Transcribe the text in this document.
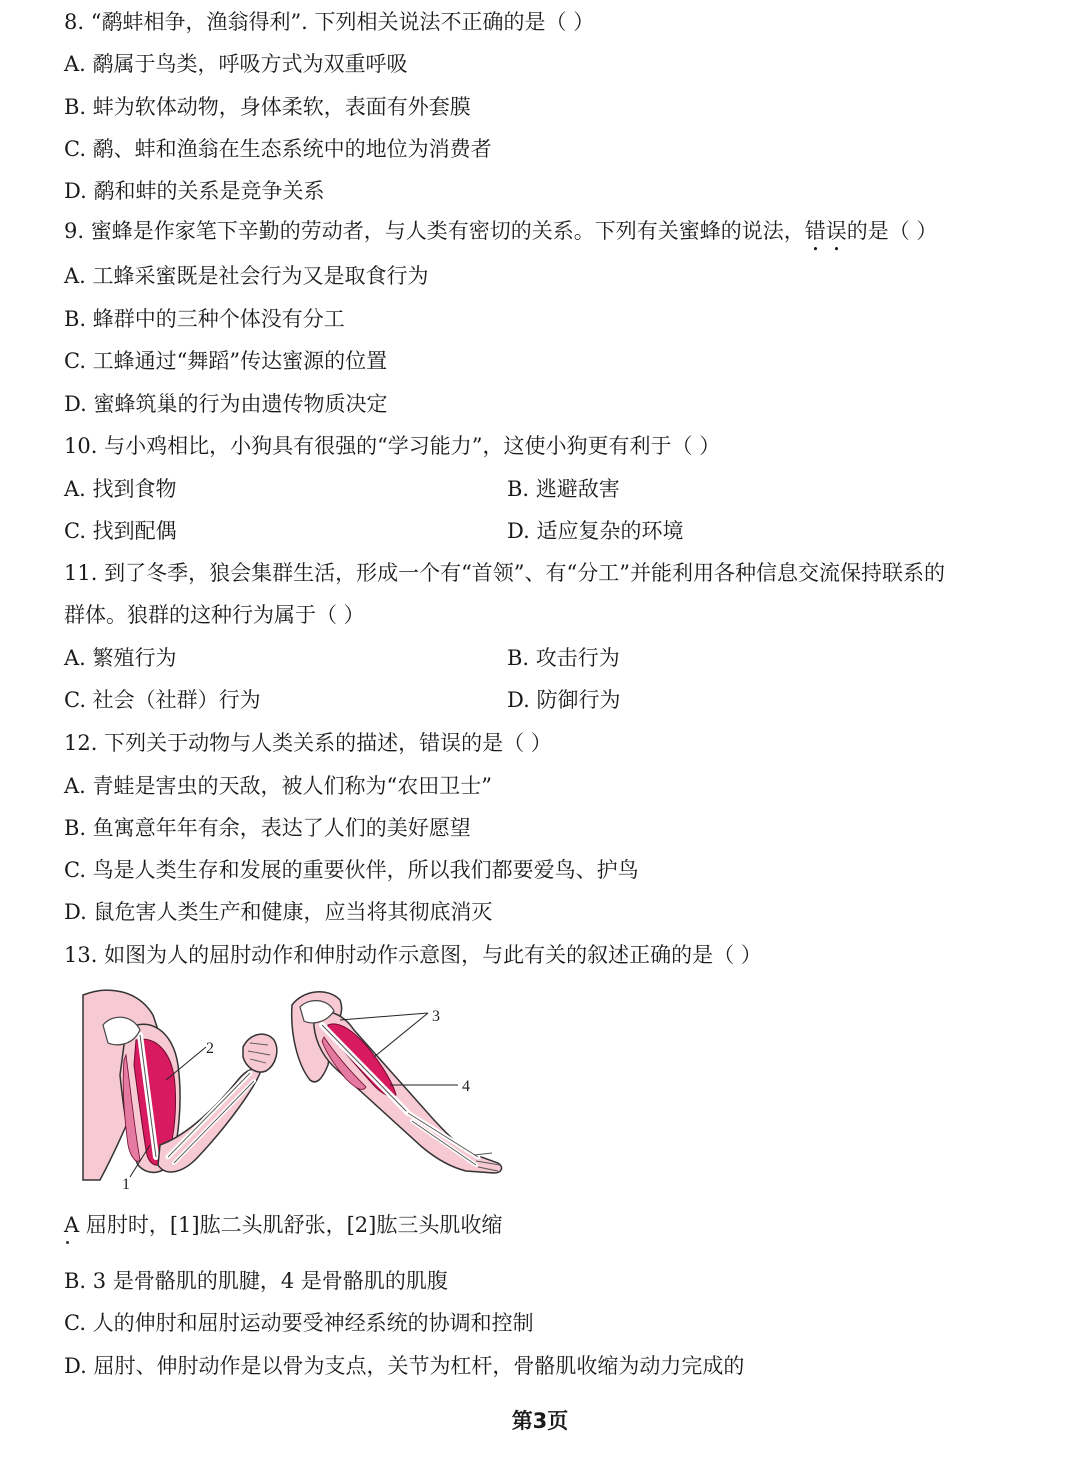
8. “鹬蚌相争，渔翁得利”. 下列相关说法不正确的是（ ）
A. 鹬属于鸟类，呼吸方式为双重呼吸
B. 蚌为软体动物，身体柔软，表面有外套膜
C. 鹬、蚌和渔翁在生态系统中的地位为消费者
D. 鹬和蚌的关系是竞争关系
9. 蜜蜂是作家笔下辛勤的劳动者，与人类有密切的关系。下列有关蜜蜂的说法，错误的是（ ）
A. 工蜂采蜜既是社会行为又是取食行为
B. 蜂群中的三种个体没有分工
C. 工蜂通过“舞蹈”传达蜜源的位置
D. 蜜蜂筑巢的行为由遗传物质决定
10. 与小鸡相比，小狗具有很强的“学习能力”，这使小狗更有利于（ ）
A. 找到食物	B. 逃避敌害
C. 找到配偶	D. 适应复杂的环境
11. 到了冬季，狼会集群生活，形成一个有“首领”、有“分工”并能利用各种信息交流保持联系的
群体。狼群的这种行为属于（ ）
A. 繁殖行为	B. 攻击行为
C. 社会（社群）行为	D. 防御行为
12. 下列关于动物与人类关系的描述，错误的是（ ）
A. 青蛙是害虫的天敌，被人们称为“农田卫士”
B. 鱼寓意年年有余，表达了人们的美好愿望
C. 鸟是人类生存和发展的重要伙伴，所以我们都要爱鸟、护鸟
D. 鼠危害人类生产和健康，应当将其彻底消灭
13. 如图为人的屈肘动作和伸肘动作示意图，与此有关的叙述正确的是（ ）
2
1
3
4
A 屈肘时，[1]肱二头肌舒张，[2]肱三头肌收缩
B. 3 是骨骼肌的肌腱，4 是骨骼肌的肌腹
C. 人的伸肘和屈肘运动要受神经系统的协调和控制
D. 屈肘、伸肘动作是以骨为支点，关节为杠杆，骨骼肌收缩为动力完成的
第3页
